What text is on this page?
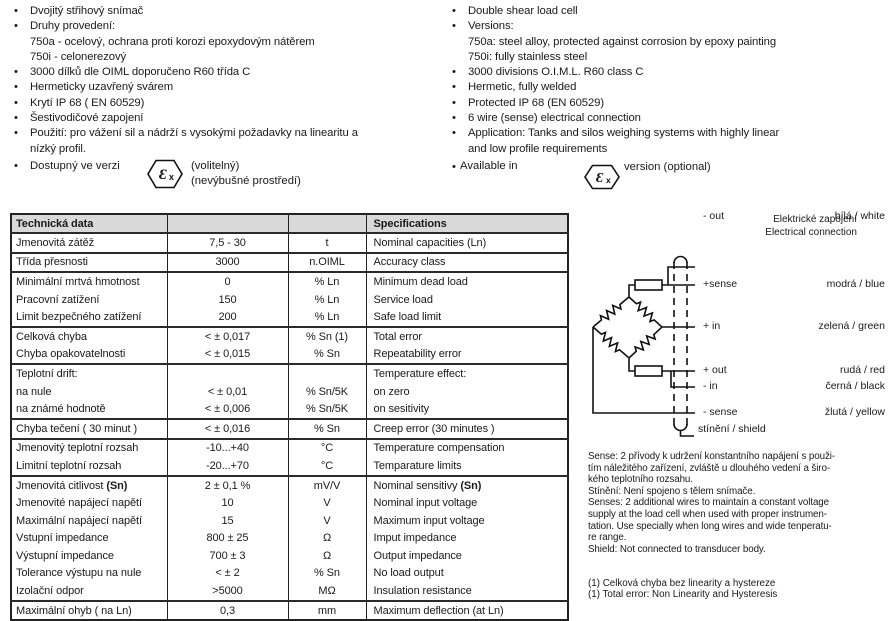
•	Dvojitý střihový snímač
•	Druhy provedení:
750a - ocelový, ochrana proti korozi epoxydovým nátěrem
750i - celonerezový
•	3000 dílků dle OIML doporučeno R60 třída C
•	Hermeticky uzavřený svárem
•	Krytí IP 68 ( EN 60529)
•	Šestivodičové zapojení
•	Použití: pro vážení sil a nádrží s vysokými požadavky na linearitu a
nízký profil.
•	Dostupný ve verzi
Ɛ x
(volitelný)
(nevýbušné prostředí)
•	Double shear load cell
•	Versions:
750a: steel alloy, protected against corrosion by epoxy painting
750i: fully stainless steel
•	3000 divisions O.I.M.L. R60 class C
•	Hermetic, fully welded
•	Protected IP 68 (EN 60529)
•	6 wire (sense) electrical connection
•	Application: Tanks and silos weighing systems with highly linear
and low profile requirements
• Available in
Ɛ x
version (optional)
Technická data			Specifications
Jmenovitá zátěž	7,5 - 30	t	Nominal capacities (Ln)
Třída přesnosti	3000	n.OIML	Accuracy class
Minimální mrtvá hmotnost	0	% Ln	Minimum dead load
Pracovní zatížení	150	% Ln	Service load
Limit bezpečného zatížení	200	% Ln	Safe load limit
Celková chyba	< ± 0,017	% Sn (1)	Total error
Chyba opakovatelnosti	< ± 0,015	% Sn	Repeatability error
Teplotní drift:			Temperature effect:
na nule	< ± 0,01	% Sn/5K	on zero
na známé hodnotě	< ± 0,006	% Sn/5K	on sesitivity
Chyba tečení ( 30 minut )	< ± 0,016	% Sn	Creep error (30 minutes )
Jmenovitý teplotní rozsah	-10...+40	°C	Temperature compensation
Limitní teplotní rozsah	-20...+70	°C	Temparature limits
Jmenovitá citlivost (Sn)	2 ± 0,1 %	mV/V	Nominal sensitivy (Sn)
Jmenovité napájecí napětí	10	V	Nominal input voltage
Maximální napájecí napětí	15	V	Maximum input voltage
Vstupní impedance	800 ± 25	Ω	Imput impedance
Výstupní impedance	700 ± 3	Ω	Output impedance
Tolerance výstupu na nule	< ± 2	% Sn	No load output
Izolační odpor	>5000	MΩ	Insulation resistance
Maximální ohyb ( na Ln)	0,3	mm	Maximum deflection (at Ln)
Elektrické zapojení
Electrical connection
+sense	modrá / blue
+ in	zelená / green
+ out	rudá / red
- in	černá / black
- sense	žlutá / yellow
- out	bílá / white
stínění / shield
Sense: 2 přívody k udržení konstantního napájení s použi-
tím náležitého zařízení, zvláště u dlouhého vedení a širo-
kého teplotního rozsahu.
Stínění: Není spojeno s tělem snímače.
Senses: 2 additional wires to maintain a constant voltage
supply at the load cell when used with proper instrumen-
tation. Use specially when long wires and wide tenperatu-
re range.
Shield: Not connected to transducer body.
(1) Celková chyba bez linearity a hystereze
(1) Total error: Non Linearity and Hysteresis
